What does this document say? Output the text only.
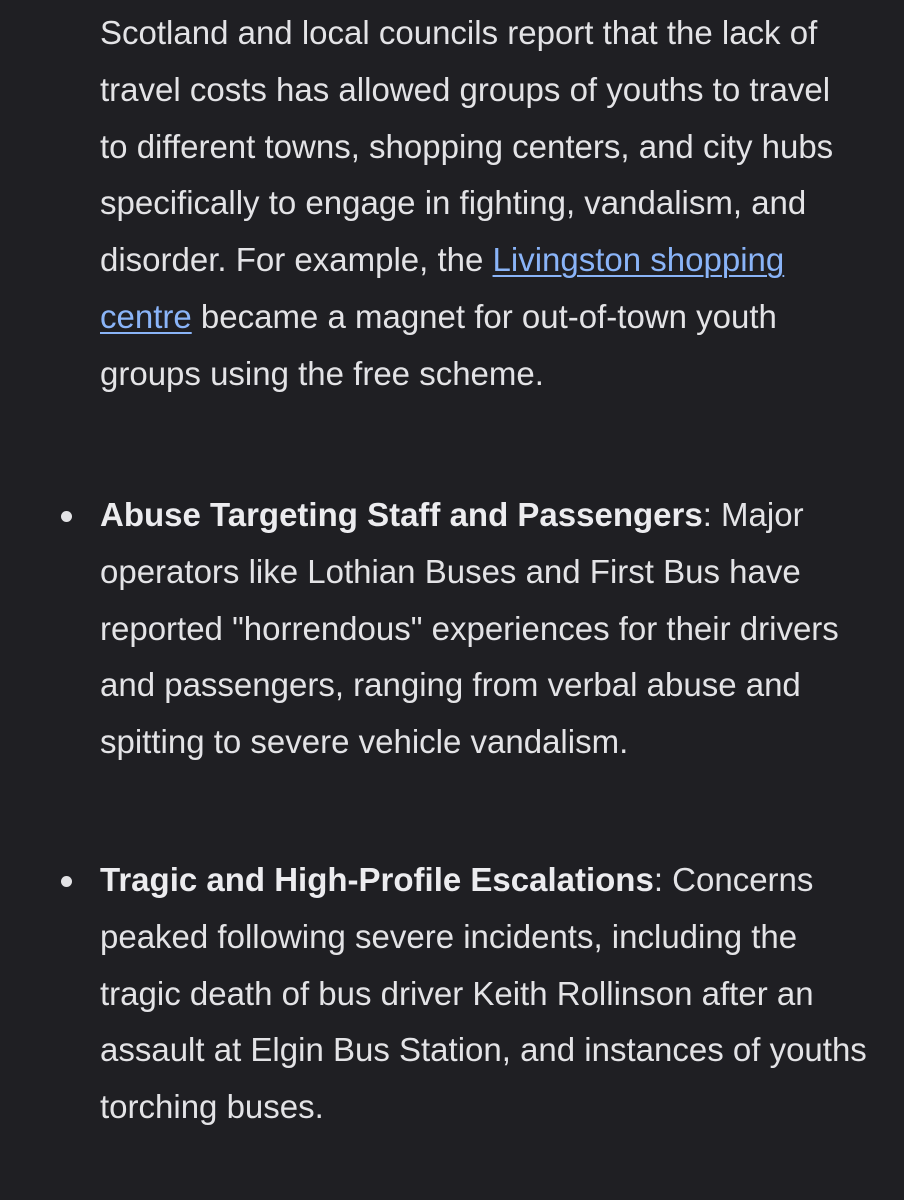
Scotland and local councils report that the lack of travel costs has allowed groups of youths to travel to different towns, shopping centers, and city hubs specifically to engage in fighting, vandalism, and disorder. For example, the Livingston shopping centre became a magnet for out-of-town youth groups using the free scheme.

Abuse Targeting Staff and Passengers: Major operators like Lothian Buses and First Bus have reported "horrendous" experiences for their drivers and passengers, ranging from verbal abuse and spitting to severe vehicle vandalism.

Tragic and High-Profile Escalations: Concerns peaked following severe incidents, including the tragic death of bus driver Keith Rollinson after an assault at Elgin Bus Station, and instances of youths torching buses.
